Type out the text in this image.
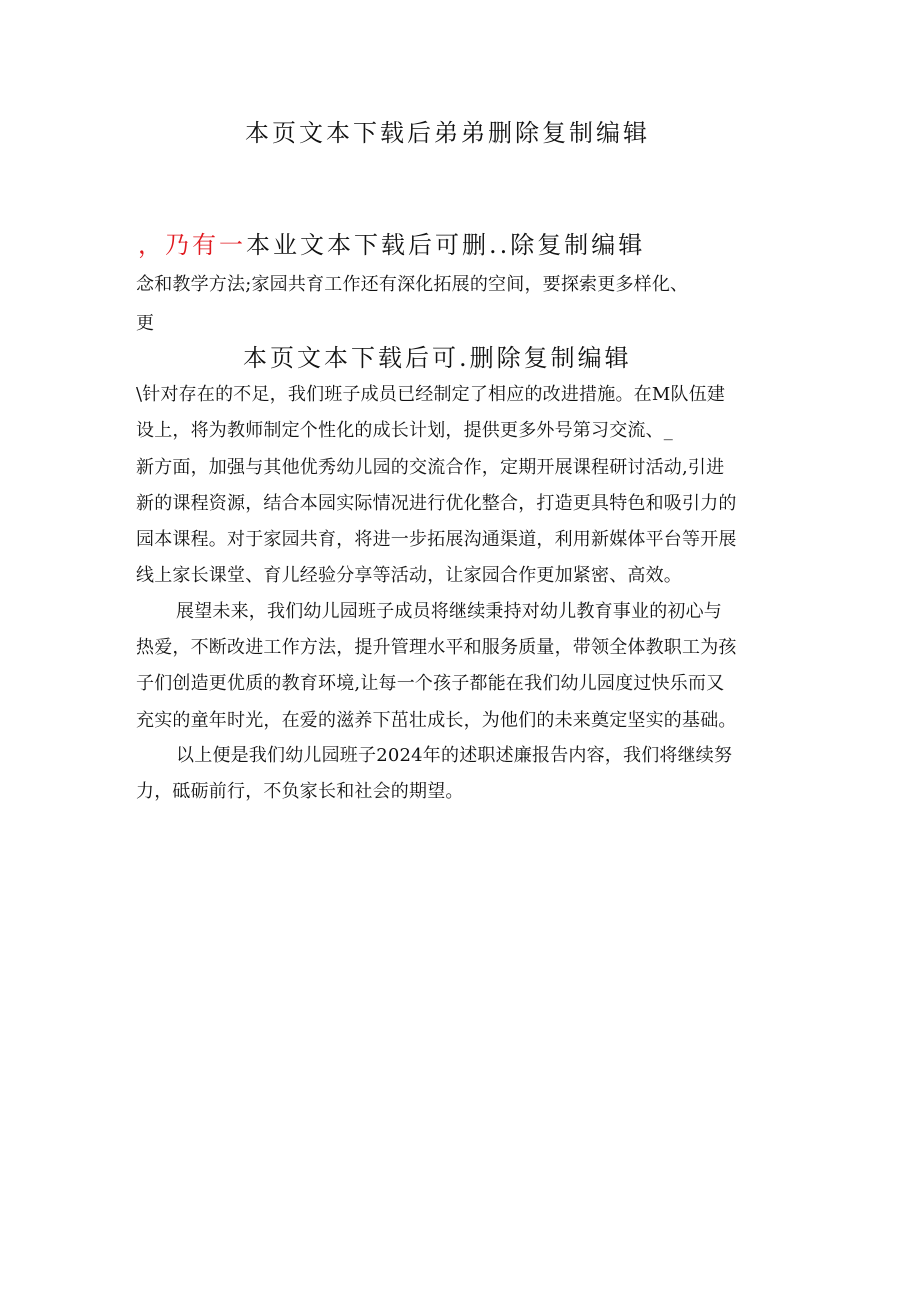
本页文本下载后弟弟删除复制编辑
，乃有一本业文本下载后可删..除复制编辑
念和教学方法;家园共育工作还有深化拓展的空间，要探索更多样化、
更
本页文本下载后可.删除复制编辑
\针对存在的不足，我们班子成员已经制定了相应的改进措施。在M队伍建
设上，将为教师制定个性化的成长计划，提供更多外号第习交流、_
新方面，加强与其他优秀幼儿园的交流合作，定期开展课程研讨活动,引进
新的课程资源，结合本园实际情况进行优化整合，打造更具特色和吸引力的
园本课程。对于家园共育，将进一步拓展沟通渠道，利用新媒体平台等开展
线上家长课堂、育儿经验分享等活动，让家园合作更加紧密、高效。
展望未来，我们幼儿园班子成员将继续秉持对幼儿教育事业的初心与
热爱，不断改进工作方法，提升管理水平和服务质量，带领全体教职工为孩
子们创造更优质的教育环境,让每一个孩子都能在我们幼儿园度过快乐而又
充实的童年时光，在爱的滋养下茁壮成长，为他们的未来奠定坚实的基础。
以上便是我们幼儿园班子2024年的述职述廉报告内容，我们将继续努
力，砥砺前行，不负家长和社会的期望。
